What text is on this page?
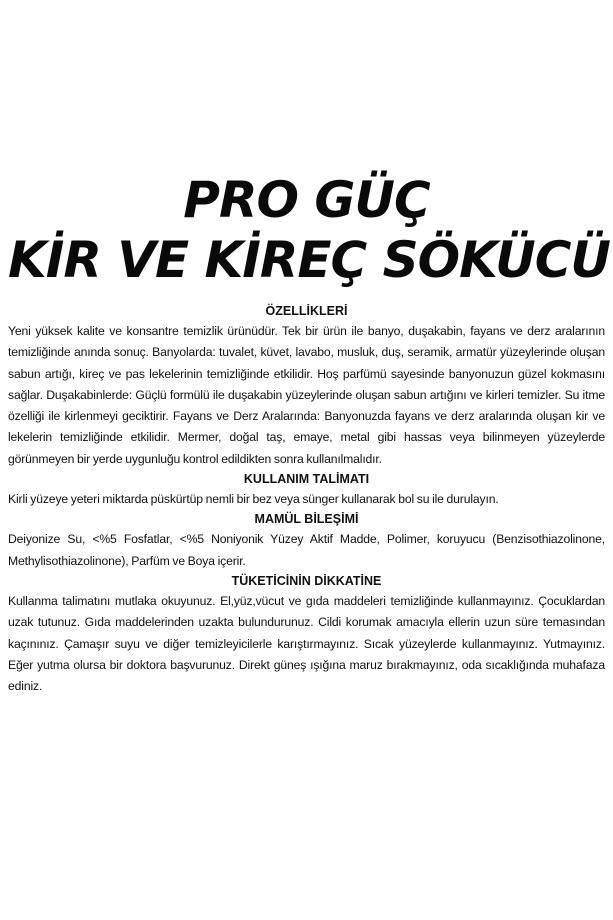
PRO GÜÇ
KİR VE KİREÇ SÖKÜCÜ
ÖZELLİKLERİ

Yeni yüksek kalite ve konsantre temizlik ürünüdür. Tek bir ürün ile banyo, duşakabin, fayans ve derz aralarının temizliğinde anında sonuç. Banyolarda: tuvalet, küvet, lavabo, musluk, duş, seramik, armatür yüzeylerinde oluşan sabun artığı, kireç ve pas lekelerinin temizliğinde etkilidir. Hoş parfümü sayesinde banyonuzun güzel kokmasını sağlar. Duşakabinlerde: Güçlü formülü ile duşakabin yüzeylerinde oluşan sabun artığını ve kirleri temizler. Su itme özelliği ile kirlenmeyi geciktirir. Fayans ve Derz Aralarında: Banyonuzda fayans ve derz aralarında oluşan kir ve lekelerin temizliğinde etkilidir. Mermer, doğal taş, emaye, metal gibi hassas veya bilinmeyen yüzeylerde görünmeyen bir yerde uygunluğu kontrol edildikten sonra kullanılmalıdır.

KULLANIM TALİMATI

Kirli yüzeye yeteri miktarda püskürtüp nemli bir bez veya sünger kullanarak bol su ile durulayın.

MAMÜL BİLEŞİMİ

Deiyonize Su, <%5 Fosfatlar, <%5 Noniyonik Yüzey Aktif Madde, Polimer, koruyucu (Benzisothiazolinone, Methylisothiazolinone), Parfüm ve Boya içerir.

TÜKETİCİNİN DİKKATİNE

Kullanma talimatını mutlaka okuyunuz. El,yüz,vücut ve gıda maddeleri temizliğinde kullanmayınız. Çocuklardan uzak tutunuz. Gıda maddelerinden uzakta bulundurunuz. Cildi korumak amacıyla ellerin uzun süre temasından kaçınınız. Çamaşır suyu ve diğer temizleyicilerle karıştırmayınız. Sıcak yüzeylerde kullanmayınız. Yutmayınız. Eğer yutma olursa bir doktora başvurunuz. Direkt güneş ışığına maruz bırakmayınız, oda sıcaklığında muhafaza ediniz.
